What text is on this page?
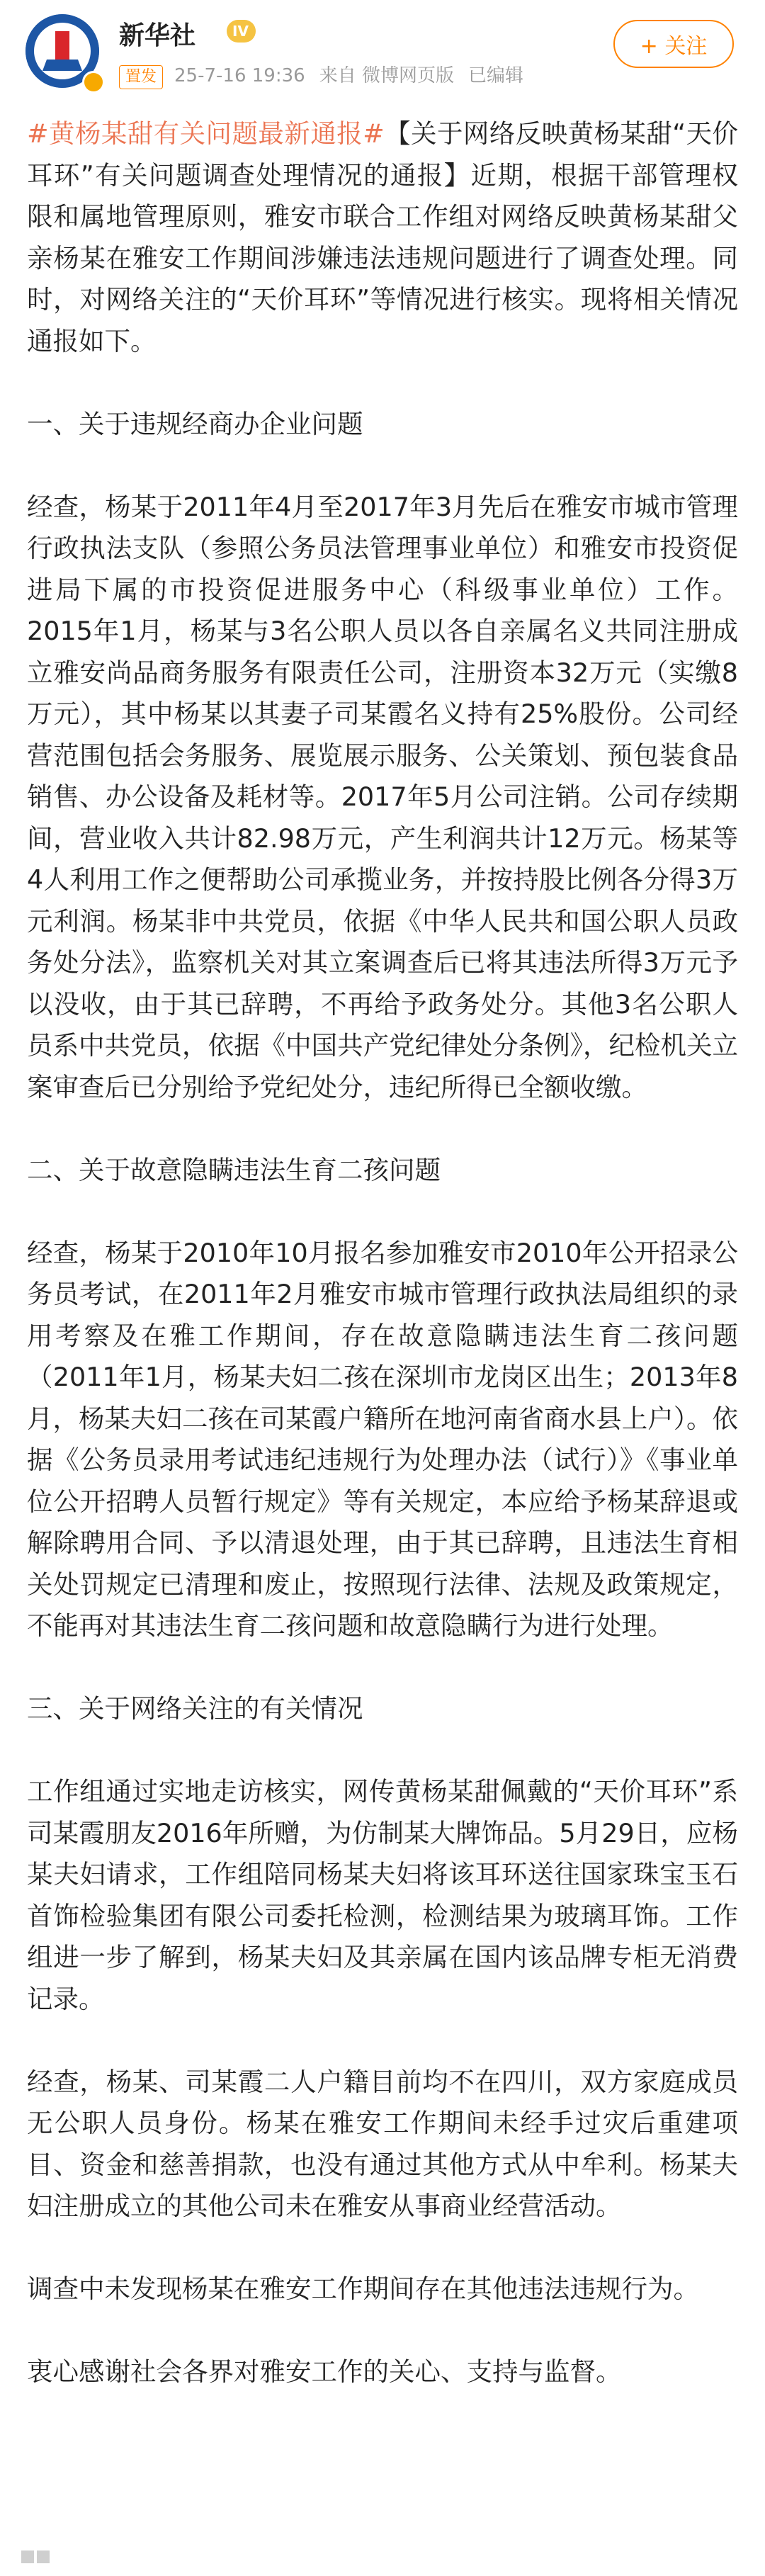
新华社	IV
置发 25-7-16 19:36 来自 微博网页版 已编辑
+ 关注

#黄杨某甜有关问题最新通报#【关于网络反映黄杨某甜“天价耳环”有关问题调查处理情况的通报】近期，根据干部管理权限和属地管理原则，雅安市联合工作组对网络反映黄杨某甜父亲杨某在雅安工作期间涉嫌违法违规问题进行了调查处理。同时，对网络关注的“天价耳环”等情况进行核实。现将相关情况通报如下。

一、关于违规经商办企业问题

经查，杨某于2011年4月至2017年3月先后在雅安市城市管理行政执法支队（参照公务员法管理事业单位）和雅安市投资促进局下属的市投资促进服务中心（科级事业单位）工作。2015年1月，杨某与3名公职人员以各自亲属名义共同注册成立雅安尚品商务服务有限责任公司，注册资本32万元（实缴8万元），其中杨某以其妻子司某霞名义持有25%股份。公司经营范围包括会务服务、展览展示服务、公关策划、预包装食品销售、办公设备及耗材等。2017年5月公司注销。公司存续期间，营业收入共计82.98万元，产生利润共计12万元。杨某等4人利用工作之便帮助公司承揽业务，并按持股比例各分得3万元利润。杨某非中共党员，依据《中华人民共和国公职人员政务处分法》，监察机关对其立案调查后已将其违法所得3万元予以没收，由于其已辞聘，不再给予政务处分。其他3名公职人员系中共党员，依据《中国共产党纪律处分条例》，纪检机关立案审查后已分别给予党纪处分，违纪所得已全额收缴。

二、关于故意隐瞒违法生育二孩问题

经查，杨某于2010年10月报名参加雅安市2010年公开招录公务员考试，在2011年2月雅安市城市管理行政执法局组织的录用考察及在雅工作期间，存在故意隐瞒违法生育二孩问题（2011年1月，杨某夫妇二孩在深圳市龙岗区出生；2013年8月，杨某夫妇二孩在司某霞户籍所在地河南省商水县上户）。依据《公务员录用考试违纪违规行为处理办法（试行）》《事业单位公开招聘人员暂行规定》等有关规定，本应给予杨某辞退或解除聘用合同、予以清退处理，由于其已辞聘，且违法生育相关处罚规定已清理和废止，按照现行法律、法规及政策规定，不能再对其违法生育二孩问题和故意隐瞒行为进行处理。

三、关于网络关注的有关情况

工作组通过实地走访核实，网传黄杨某甜佩戴的“天价耳环”系司某霞朋友2016年所赠，为仿制某大牌饰品。5月29日，应杨某夫妇请求，工作组陪同杨某夫妇将该耳环送往国家珠宝玉石首饰检验集团有限公司委托检测，检测结果为玻璃耳饰。工作组进一步了解到，杨某夫妇及其亲属在国内该品牌专柜无消费记录。

经查，杨某、司某霞二人户籍目前均不在四川，双方家庭成员无公职人员身份。杨某在雅安工作期间未经手过灾后重建项目、资金和慈善捐款，也没有通过其他方式从中牟利。杨某夫妇注册成立的其他公司未在雅安从事商业经营活动。

调查中未发现杨某在雅安工作期间存在其他违法违规行为。

衷心感谢社会各界对雅安工作的关心、支持与监督。
